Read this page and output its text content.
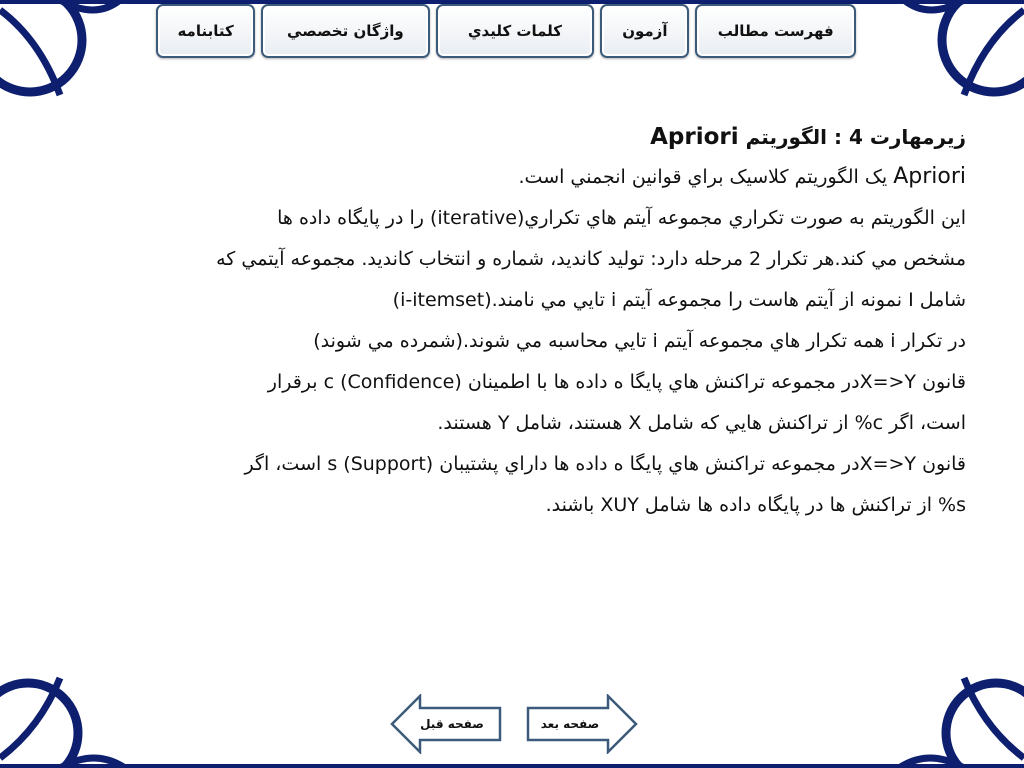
فهرست مطالب
آزمون
كلمات كليدي
واژگان تخصصي
كتابنامه
زيرمهارت 4 : الگوريتم Apriori
Apriori يک الگوريتم كلاسيک براي قوانين انجمني است.
اين الگوريتم به صورت تكراري مجموعه آيتم هاي تكراري(iterative) را در پايگاه داده ها
مشخص مي كند.هر تكرار 2 مرحله دارد: توليد كانديد، شماره و انتخاب كانديد. مجموعه آيتمي كه
شامل I نمونه از آيتم هاست را مجموعه آيتم i تايي مي نامند.(i-itemset)
در تكرار i همه تكرار هاي مجموعه آيتم i تايي محاسبه مي شوند.(شمرده مي شوند)
قانون X=>Yدر مجموعه تراكنش هاي پايگا ه داده ها با اطمينان (Confidence) c برقرار
است، اگر c% از تراكنش هايي كه شامل X هستند، شامل Y هستند.
قانون X=>Yدر مجموعه تراكنش هاي پايگا ه داده ها داراي پشتيبان (Support) s است، اگر
s% از تراكنش ها در پايگاه داده ها شامل XUY باشند.
صفحه قبل	صفحه بعد
